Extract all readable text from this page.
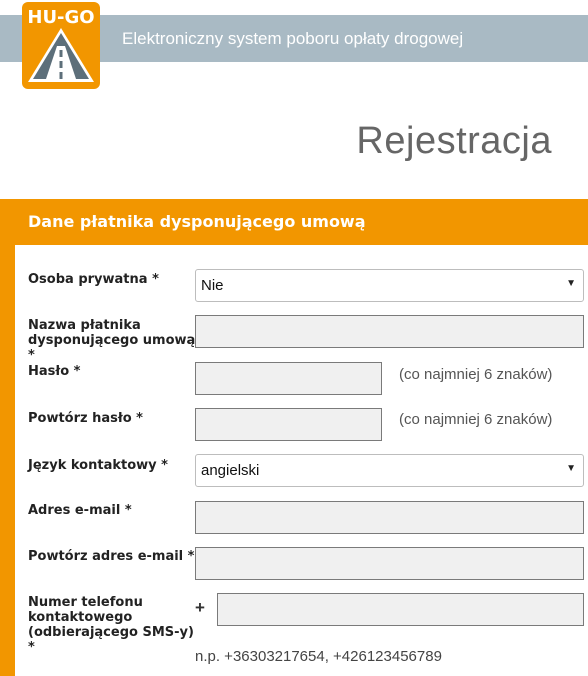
Elektroniczny system poboru opłaty drogowej
HU-GO
Rejestracja
Dane płatnika dysponującego umową
Osoba prywatna *	Nie	▼
Nazwa płatnika dysponującego umową *
Hasło *	(co najmniej 6 znaków)
Powtórz hasło *	(co najmniej 6 znaków)
Język kontaktowy * angielski	▼
Adres e-mail *
Powtórz adres e-mail *
Numer telefonu kontaktowego (odbierającego SMS-y) *
+
n.p. +36303217654, +426123456789
